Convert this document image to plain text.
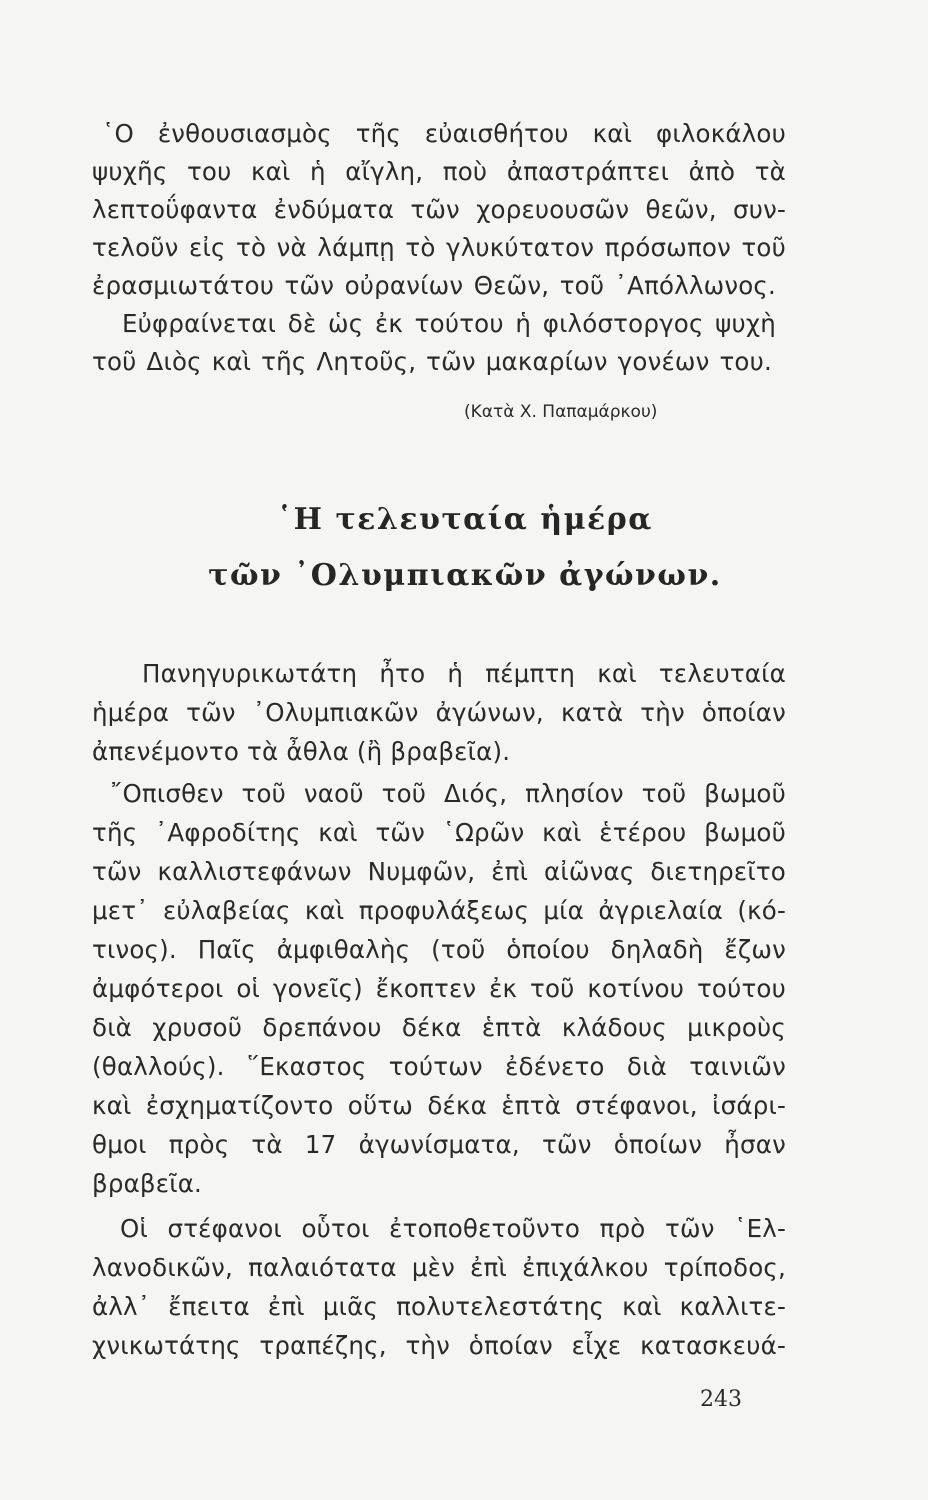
῾Ο ἐνθουσιασμὸς τῆς εὐαισθήτου καὶ φιλοκάλου
ψυχῆς του καὶ ἡ αἴγλη, ποὺ ἀπαστράπτει ἀπὸ τὰ
λεπτοΰφαντα ἐνδύματα τῶν χορευουσῶν θεῶν, συν-
τελοῦν εἰς τὸ νὰ λάμπῃ τὸ γλυκύτατον πρόσωπον τοῦ
ἐρασμιωτάτου τῶν οὐρανίων Θεῶν, τοῦ ᾿Απόλλωνος.
Εὐφραίνεται δὲ ὡς ἐκ τούτου ἡ φιλόστοργος ψυχὴ
τοῦ Διὸς καὶ τῆς Λητοῦς, τῶν μακαρίων γονέων του.
(Κατὰ Χ. Παπαμάρκου)
῾Η τελευταία ἡμέρα
τῶν ᾿Ολυμπιακῶν ἀγώνων.
Πανηγυρικωτάτη ἦτο ἡ πέμπτη καὶ τελευταία
ἡμέρα τῶν ᾿Ολυμπιακῶν ἀγώνων, κατὰ τὴν ὁποίαν
ἀπενέμοντο τὰ ἆθλα (ἢ βραβεῖα).
῎Οπισθεν τοῦ ναοῦ τοῦ Διός, πλησίον τοῦ βωμοῦ
τῆς ᾿Αφροδίτης καὶ τῶν ῾Ωρῶν καὶ ἑτέρου βωμοῦ
τῶν καλλιστεφάνων Νυμφῶν, ἐπὶ αἰῶνας διετηρεῖτο
μετ᾿ εὐλαβείας καὶ προφυλάξεως μία ἀγριελαία (κό-
τινος). Παῖς ἀμφιθαλὴς (τοῦ ὁποίου δηλαδὴ ἔζων
ἀμφότεροι οἱ γονεῖς) ἔκοπτεν ἐκ τοῦ κοτίνου τούτου
διὰ χρυσοῦ δρεπάνου δέκα ἑπτὰ κλάδους μικροὺς
(θαλλούς). ῞Εκαστος τούτων ἐδένετο διὰ ταινιῶν
καὶ ἐσχηματίζοντο οὕτω δέκα ἑπτὰ στέφανοι, ἰσάρι-
θμοι πρὸς τὰ 17 ἀγωνίσματα, τῶν ὁποίων ἦσαν
βραβεῖα.
Οἱ στέφανοι οὗτοι ἐτοποθετοῦντο πρὸ τῶν ῾Ελ-
λανοδικῶν, παλαιότατα μὲν ἐπὶ ἐπιχάλκου τρίποδος,
ἀλλ᾿ ἔπειτα ἐπὶ μιᾶς πολυτελεστάτης καὶ καλλιτε-
χνικωτάτης τραπέζης, τὴν ὁποίαν εἶχε κατασκευά-
243
